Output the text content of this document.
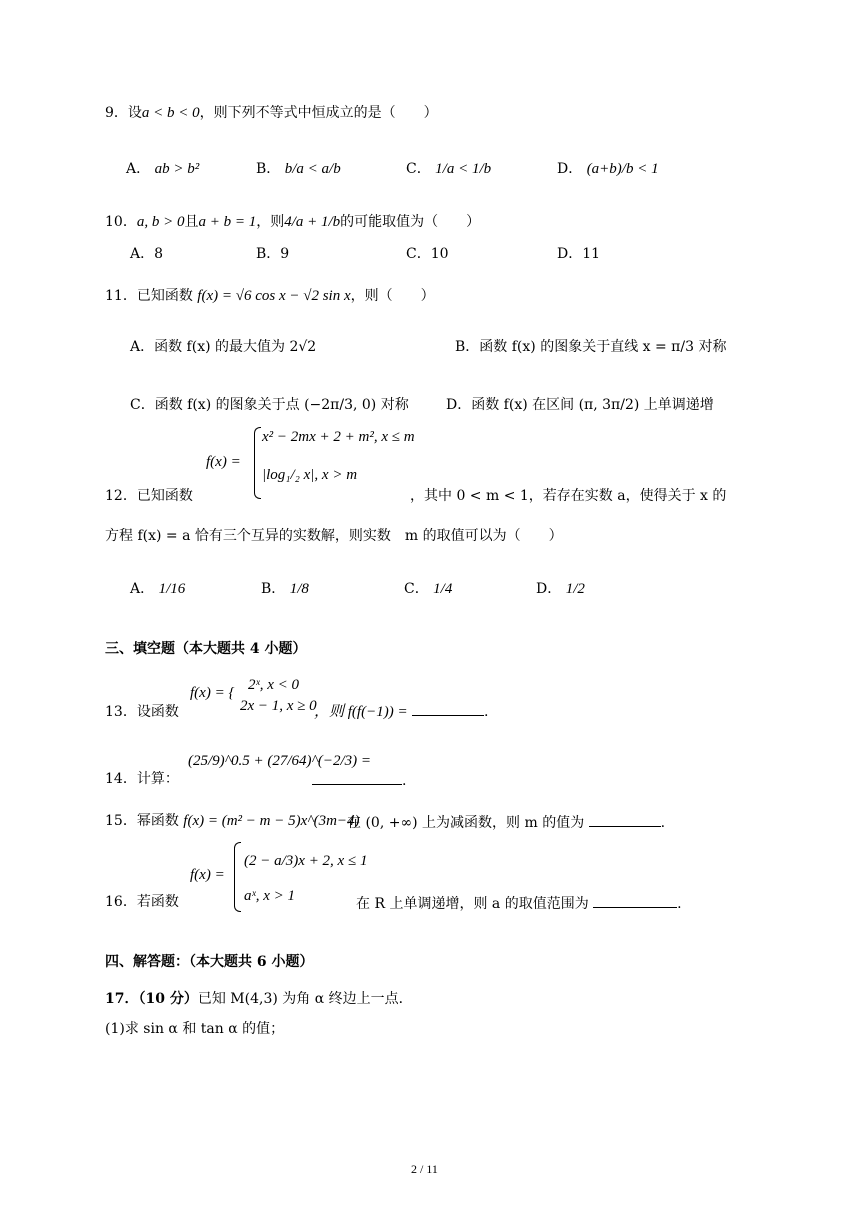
9．设a < b < 0，则下列不等式中恒成立的是（　　）
A． ab > b²	B． b/a < a/b	C． 1/a < 1/b	D． (a+b)/b < 1
10．a, b > 0且a + b = 1，则4/a + 1/b的可能取值为（　　）
A．8	B．9	C．10	D．11
11．已知函数 f(x) = √6 cos x − √2 sin x，则（　　）
A．函数 f(x) 的最大值为 2√2	B．函数 f(x) 的图象关于直线 x = π/3 对称
C．函数 f(x) 的图象关于点 (−2π/3, 0) 对称	D．函数 f(x) 在区间 (π, 3π/2) 上单调递增
f(x) =
x² − 2mx + 2 + m², x ≤ m
|log₁/₂ x|, x > m
12．已知函数	，其中 0 < m < 1，若存在实数 a，使得关于 x 的
方程 f(x) = a 恰有三个互异的实数解，则实数　m 的取值可以为（　　）
A． 1/16	B． 1/8	C． 1/4	D． 1/2
三、填空题（本大题共 4 小题）
f(x) = { 2ˣ, x < 0
2x − 1, x ≥ 0
13．设函数	，则 f(f(−1)) =	.
14．计算：
(25/9)^0.5 + (27/64)^(−2/3) =
.
15．幂函数 f(x) = (m² − m − 5)x^(3m−4)
在 (0, +∞) 上为减函数，则 m 的值为	.
f(x) =
(2 − a/3)x + 2, x ≤ 1
aˣ, x > 1
16．若函数	在 R 上单调递增，则 a 的取值范围为	.
四、解答题：（本大题共 6 小题）
17．（10 分）已知 M(4,3) 为角 α 终边上一点．
(1)求 sin α 和 tan α 的值；
2 / 11
